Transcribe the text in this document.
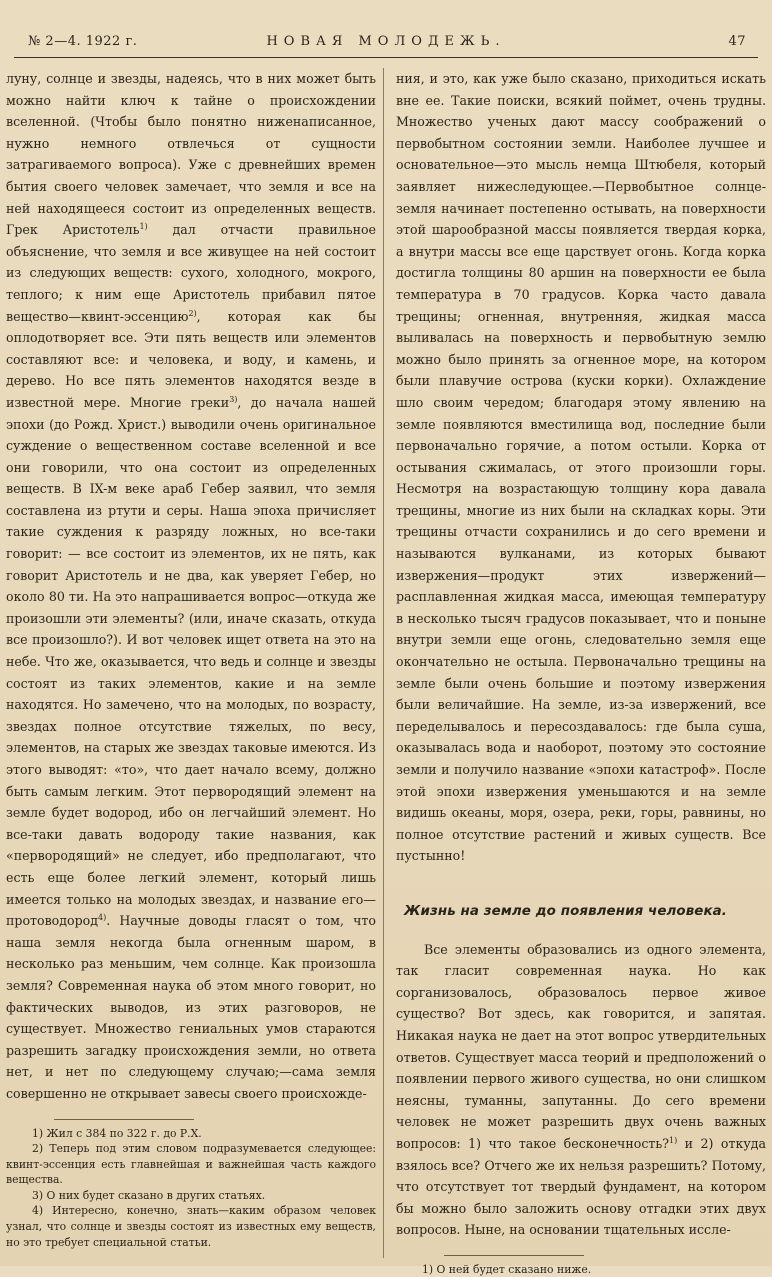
№ 2—4. 1922 г.	НОВАЯ МОЛОДЕЖЬ.	47

луну, солнце и звезды, надеясь, что в них может быть можно найти ключ к тайне о происхождении вселенной. (Чтобы было понятно ниженаписанное, нужно немного отвлечься от сущности затрагиваемого вопроса). Уже с древнейших времен бытия своего человек замечает, что земля и все на ней находящееся состоит из определенных веществ. Грек Аристотель$^{1)}$ дал отчасти правильное объяснение, что земля и все живущее на ней состоит из следующих веществ: сухого, холодного, мокрого, теплого; к ним еще Аристотель прибавил пятое вещество—квинт-эссенцию$^{2)}$, которая как бы оплодотворяет все. Эти пять веществ или элементов составляют все: и человека, и воду, и камень, и дерево. Но все пять элементов находятся везде в известной мере. Многие греки$^{3)}$, до начала нашей эпохи (до Рожд. Христ.) выводили очень оригинальное суждение о вещественном составе вселенной и все они говорили, что она состоит из определенных веществ. В IX-м веке араб Гебер заявил, что земля составлена из ртути и серы. Наша эпоха причисляет такие суждения к разряду ложных, но все-таки говорит: — все состоит из элементов, их не пять, как говорит Аристотель и не два, как уверяет Гебер, но около 80 ти. На это напрашивается вопрос—откуда же произошли эти элементы? (или, иначе сказать, откуда все произошло?). И вот человек ищет ответа на это на небе. Что же, оказывается, что ведь и солнце и звезды состоят из таких элементов, какие и на земле находятся. Но замечено, что на молодых, по возрасту, звездах полное отсутствие тяжелых, по весу, элементов, на старых же звездах таковые имеются. Из этого выводят: «то», что дает начало всему, должно быть самым легким. Этот первородящий элемент на земле будет водород, ибо он легчайший элемент. Но все-таки давать водороду такие названия, как «первородящий» не следует, ибо предполагают, что есть еще более легкий элемент, который лишь имеется только на молодых звездах, и название его—протоводород$^{4)}$. Научные доводы гласят о том, что наша земля некогда была огненным шаром, в несколько раз меньшим, чем солнце. Как произошла земля? Современная наука об этом много говорит, но фактических выводов, из этих разговоров, не существует. Множество гениальных умов стараются разрешить загадку происхождения земли, но ответа нет, и нет по следующему случаю;—сама земля совершенно не открывает завесы своего происхожде-

1) Жил с 384 по 322 г. до Р.Х.

2) Теперь под этим словом подразумевается следующее: квинт-эссенция есть главнейшая и важнейшая часть каждого вещества.

3) О них будет сказано в других статьях.

4) Интересно, конечно, знать—каким образом человек узнал, что солнце и звезды состоят из известных ему веществ, но это требует специальной статьи.

ния, и это, как уже было сказано, приходиться искать вне ее. Такие поиски, всякий поймет, очень трудны. Множество ученых дают массу соображений о первобытном состоянии земли. Наиболее лучшее и основательное—это мысль немца Штюбеля, который заявляет нижеследующее.—Первобытное солнце-земля начинает постепенно остывать, на поверхности этой шарообразной массы появляется твердая корка, а внутри массы все еще царствует огонь. Когда корка достигла толщины 80 аршин на поверхности ее была температура в 70 градусов. Корка часто давала трещины; огненная, внутренняя, жидкая масса выливалась на поверхность и первобытную землю можно было принять за огненное море, на котором были плавучие острова (куски корки). Охлаждение шло своим чередом; благодаря этому явлению на земле появляются вместилища вод, последние были первоначально горячие, а потом остыли. Корка от остывания сжималась, от этого произошли горы. Несмотря на возрастающую толщину кора давала трещины, многие из них были на складках коры. Эти трещины отчасти сохранились и до сего времени и называются вулканами, из которых бывают извержения—продукт этих извержений—расплавленная жидкая масса, имеющая температуру в несколько тысяч градусов показывает, что и поныне внутри земли еще огонь, следовательно земля еще окончательно не остыла. Первоначально трещины на земле были очень большие и поэтому извержения были величайшие. На земле, из-за извержений, все переделывалось и пересоздавалось: где была суша, оказывалась вода и наоборот, поэтому это состояние земли и получило название «эпохи катастроф». После этой эпохи извержения уменьшаются и на земле видишь океаны, моря, озера, реки, горы, равнины, но полное отсутствие растений и живых существ. Все пустынно!

Жизнь на земле до появления человека.

Все элементы образовались из одного элемента, так гласит современная наука. Но как сорганизовалось, образовалось первое живое существо? Вот здесь, как говорится, и запятая. Никакая наука не дает на этот вопрос утвердительных ответов. Существует масса теорий и предположений о появлении первого живого существа, но они слишком неясны, туманны, запутанны. До сего времени человек не может разрешить двух очень важных вопросов: 1) что такое бесконечность?$^{1)}$ и 2) откуда взялось все? Отчего же их нельзя разрешить? Потому, что отсутствует тот твердый фундамент, на котором бы можно было заложить основу отгадки этих двух вопросов. Ныне, на основании тщательных иссле-

1) О ней будет сказано ниже.
